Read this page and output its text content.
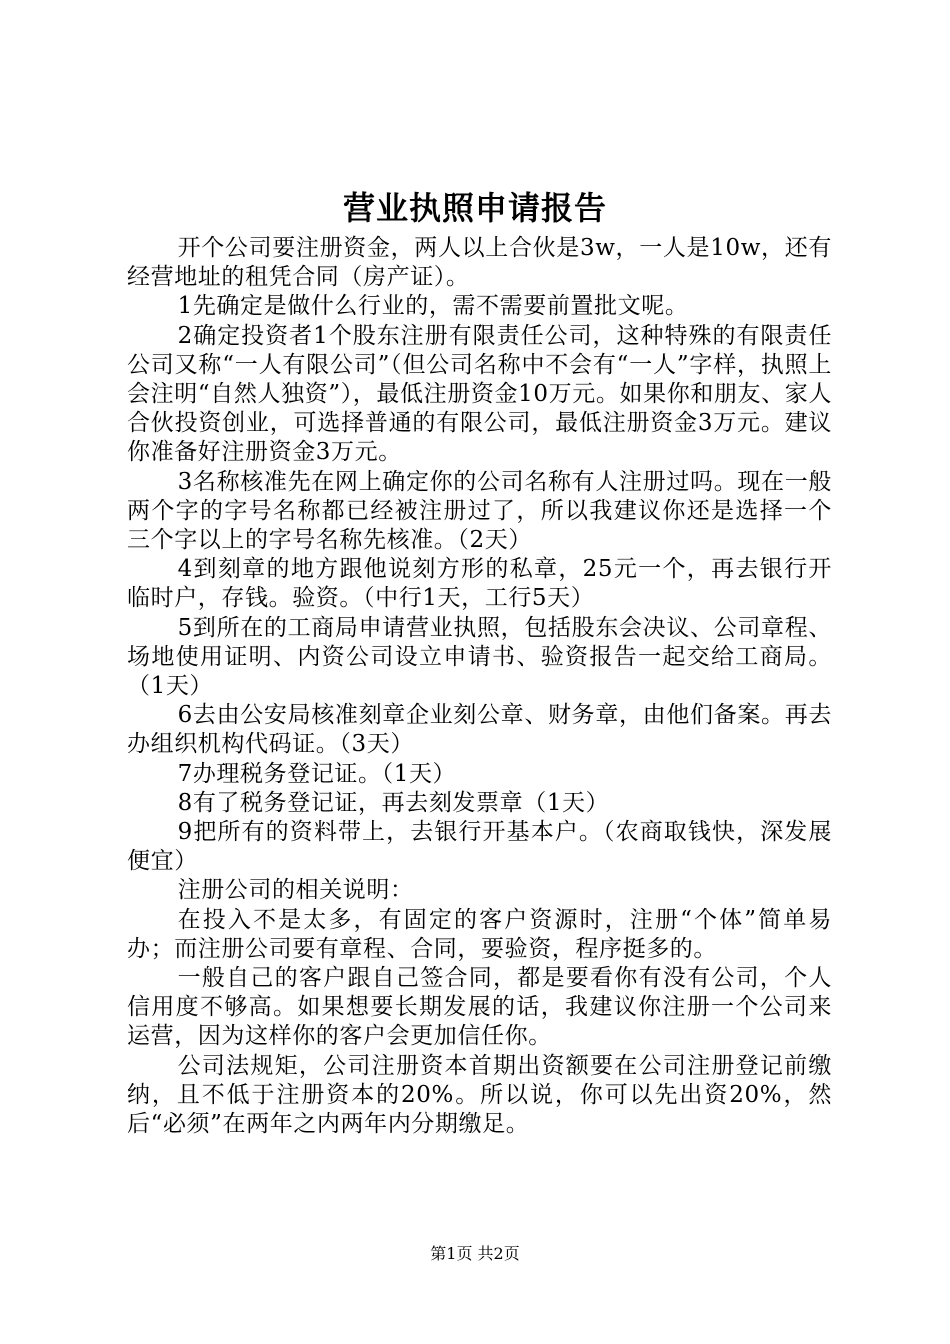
营业执照申请报告

开个公司要注册资金，两人以上合伙是3w，一人是10w，还有经营地址的租凭合同（房产证）。

1先确定是做什么行业的，需不需要前置批文呢。

2确定投资者1个股东注册有限责任公司，这种特殊的有限责任公司又称“一人有限公司”（但公司名称中不会有“一人”字样，执照上会注明“自然人独资”），最低注册资金10万元。如果你和朋友、家人合伙投资创业，可选择普通的有限公司，最低注册资金3万元。建议你准备好注册资金3万元。

3名称核准先在网上确定你的公司名称有人注册过吗。现在一般两个字的字号名称都已经被注册过了，所以我建议你还是选择一个三个字以上的字号名称先核准。（2天）

4到刻章的地方跟他说刻方形的私章，25元一个，再去银行开临时户，存钱。验资。（中行1天，工行5天）

5到所在的工商局申请营业执照，包括股东会决议、公司章程、场地使用证明、内资公司设立申请书、验资报告一起交给工商局。（1天）

6去由公安局核准刻章企业刻公章、财务章，由他们备案。再去办组织机构代码证。（3天）

7办理税务登记证。（1天）

8有了税务登记证，再去刻发票章（1天）

9把所有的资料带上，去银行开基本户。（农商取钱快，深发展便宜）

注册公司的相关说明：

在投入不是太多，有固定的客户资源时，注册“个体”简单易办；而注册公司要有章程、合同，要验资，程序挺多的。

一般自己的客户跟自己签合同，都是要看你有没有公司，个人信用度不够高。如果想要长期发展的话，我建议你注册一个公司来运营，因为这样你的客户会更加信任你。

公司法规矩，公司注册资本首期出资额要在公司注册登记前缴纳，且不低于注册资本的20%。所以说，你可以先出资20%，然后“必须”在两年之内两年内分期缴足。

第1页 共2页
